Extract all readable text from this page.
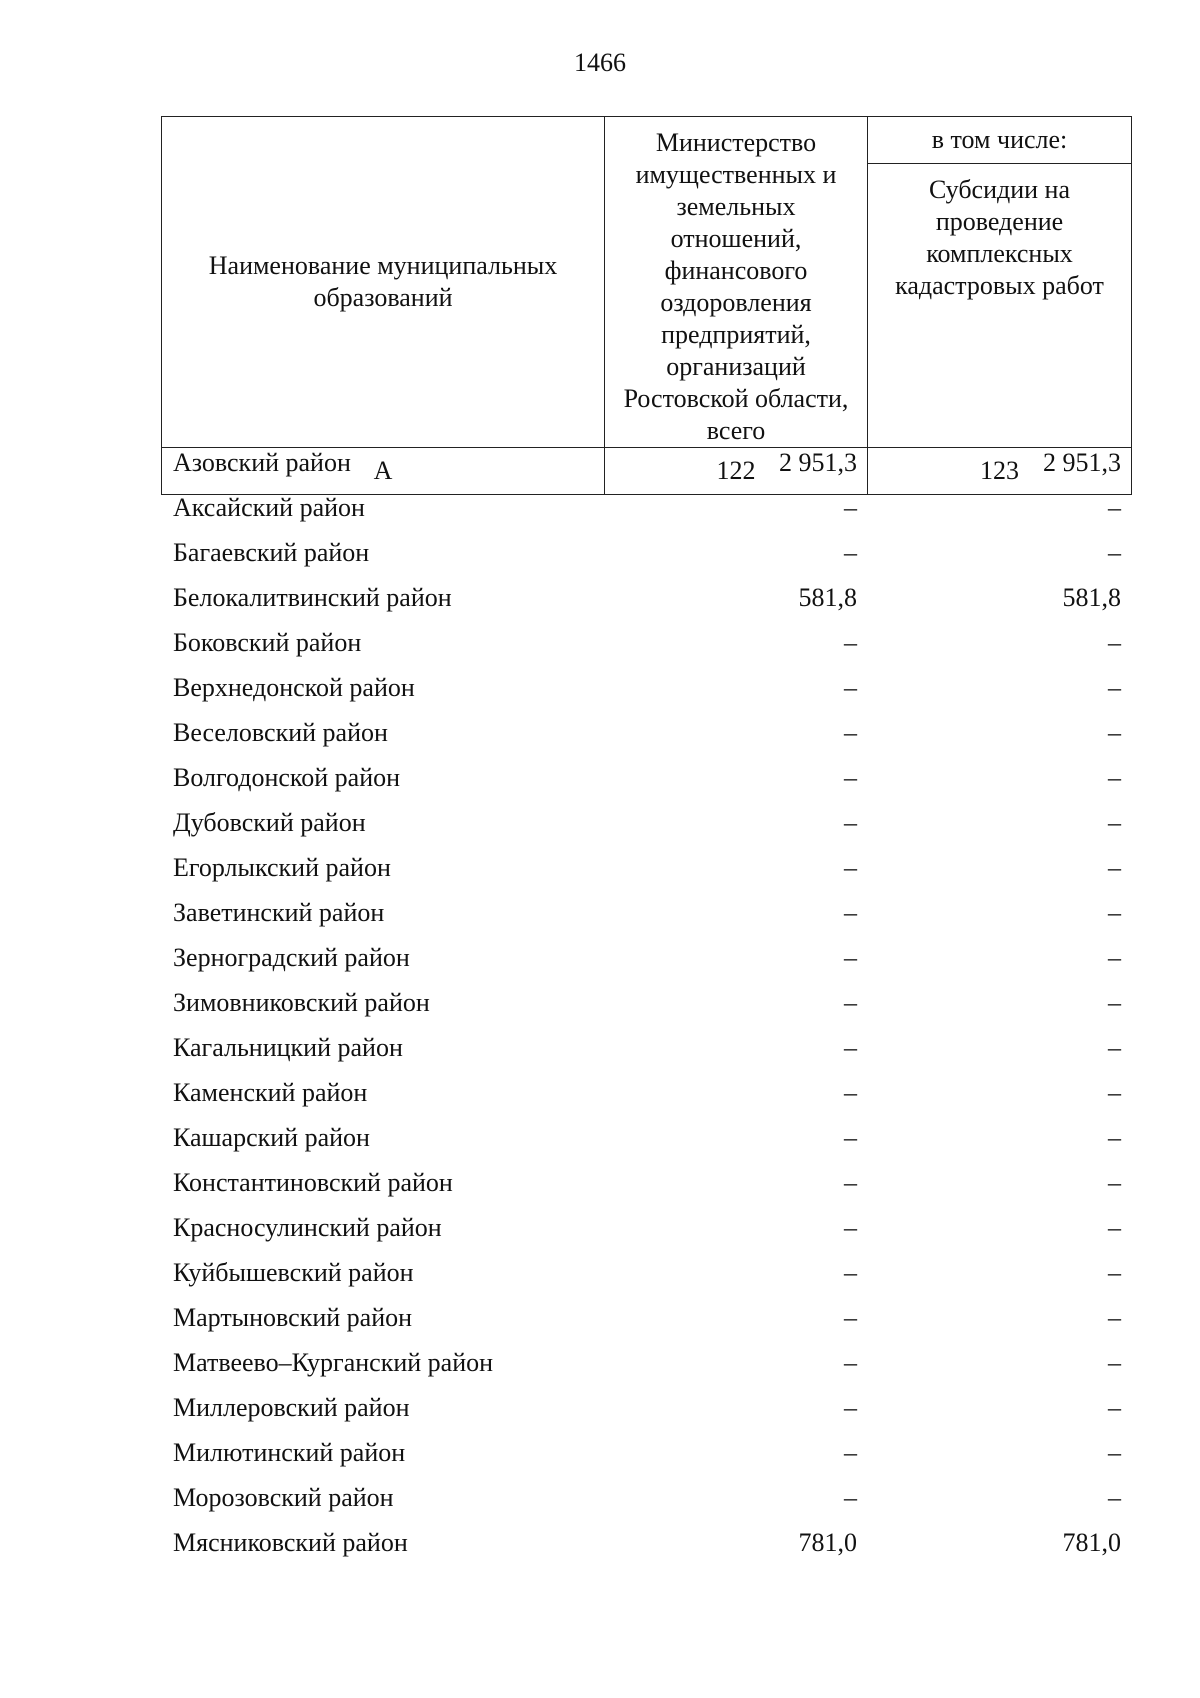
1466
Наименование муниципальных образований	Министерство имущественных и земельных отношений, финансового оздоровления предприятий, организаций Ростовской области, всего	в том числе:
		Субсидии на проведение комплексных кадастровых работ
А	122	123
Азовский район	2 951,3	2 951,3
Аксайский район	–	–
Багаевский район	–	–
Белокалитвинский район	581,8	581,8
Боковский район	–	–
Верхнедонской район	–	–
Веселовский район	–	–
Волгодонской район	–	–
Дубовский район	–	–
Егорлыкский район	–	–
Заветинский район	–	–
Зерноградский район	–	–
Зимовниковский район	–	–
Кагальницкий район	–	–
Каменский район	–	–
Кашарский район	–	–
Константиновский район	–	–
Красносулинский район	–	–
Куйбышевский район	–	–
Мартыновский район	–	–
Матвеево–Курганский район	–	–
Миллеровский район	–	–
Милютинский район	–	–
Морозовский район	–	–
Мясниковский район	781,0	781,0
